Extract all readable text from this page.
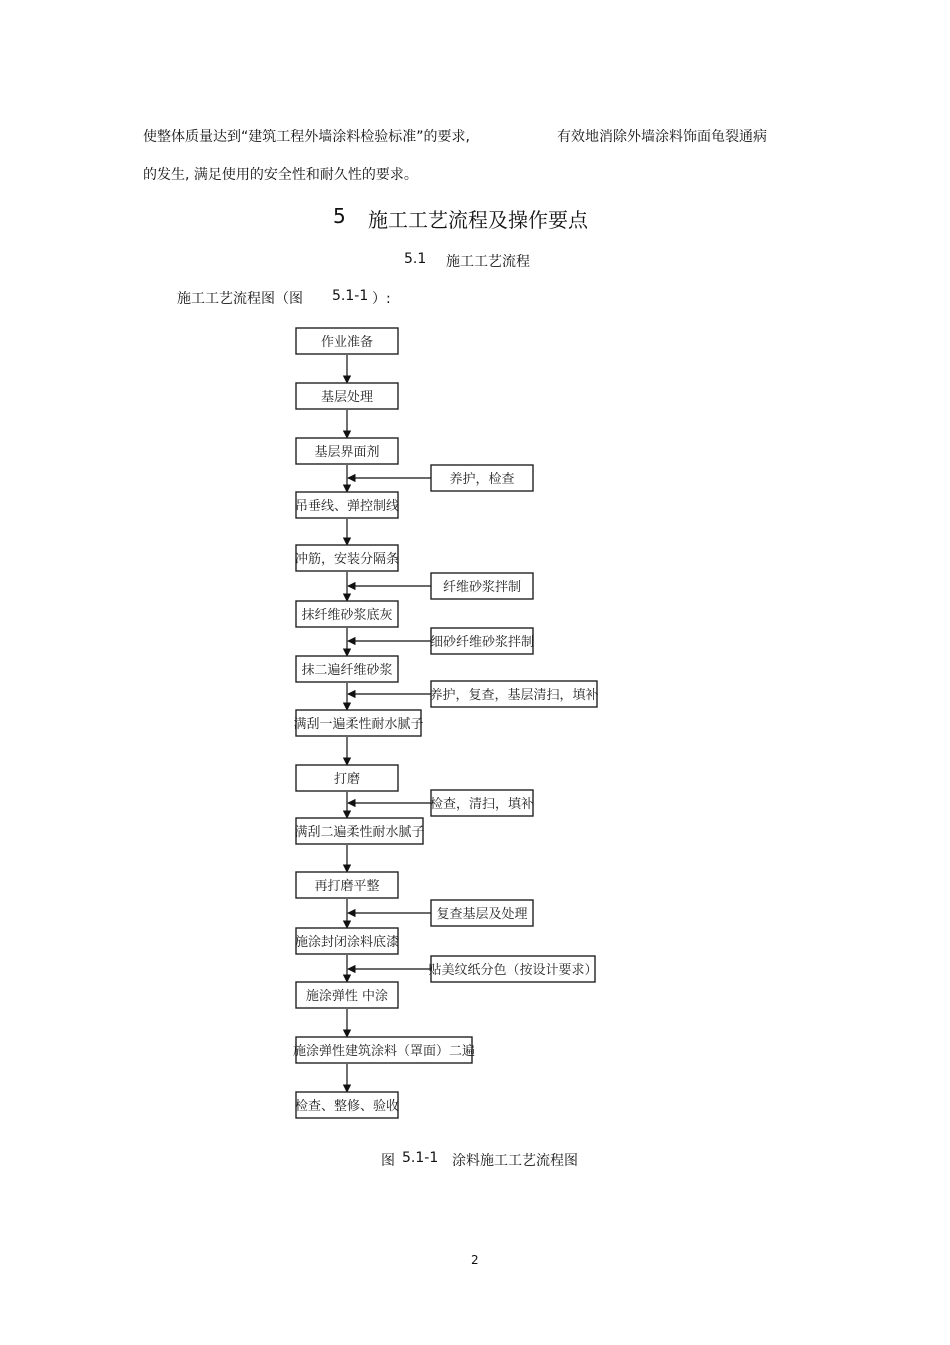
使整体质量达到“建筑工程外墙涂料检验标准”的要求,	有效地消除外墙涂料饰面龟裂通病
的发生, 满足使用的安全性和耐久性的要求。
5 施工工艺流程及操作要点
5.1 施工工艺流程
施工工艺流程图（图 5.1-1 ）:
作业准备
基层处理
基层界面剂
吊垂线、弹控制线
冲筋，安装分隔条
抹纤维砂浆底灰
抹二遍纤维砂浆
满刮一遍柔性耐水腻子
打磨
满刮二遍柔性耐水腻子
再打磨平整
施涂封闭涂料底漆
施涂弹性 中涂
施涂弹性建筑涂料（罩面）二遍
检查、整修、验收
养护，检查
纤维砂浆拌制
细砂纤维砂浆拌制
养护，复查，基层清扫，填补
检查，清扫，填补
复查基层及处理
贴美纹纸分色（按设计要求）
图 5.1-1 涂料施工工艺流程图
2
